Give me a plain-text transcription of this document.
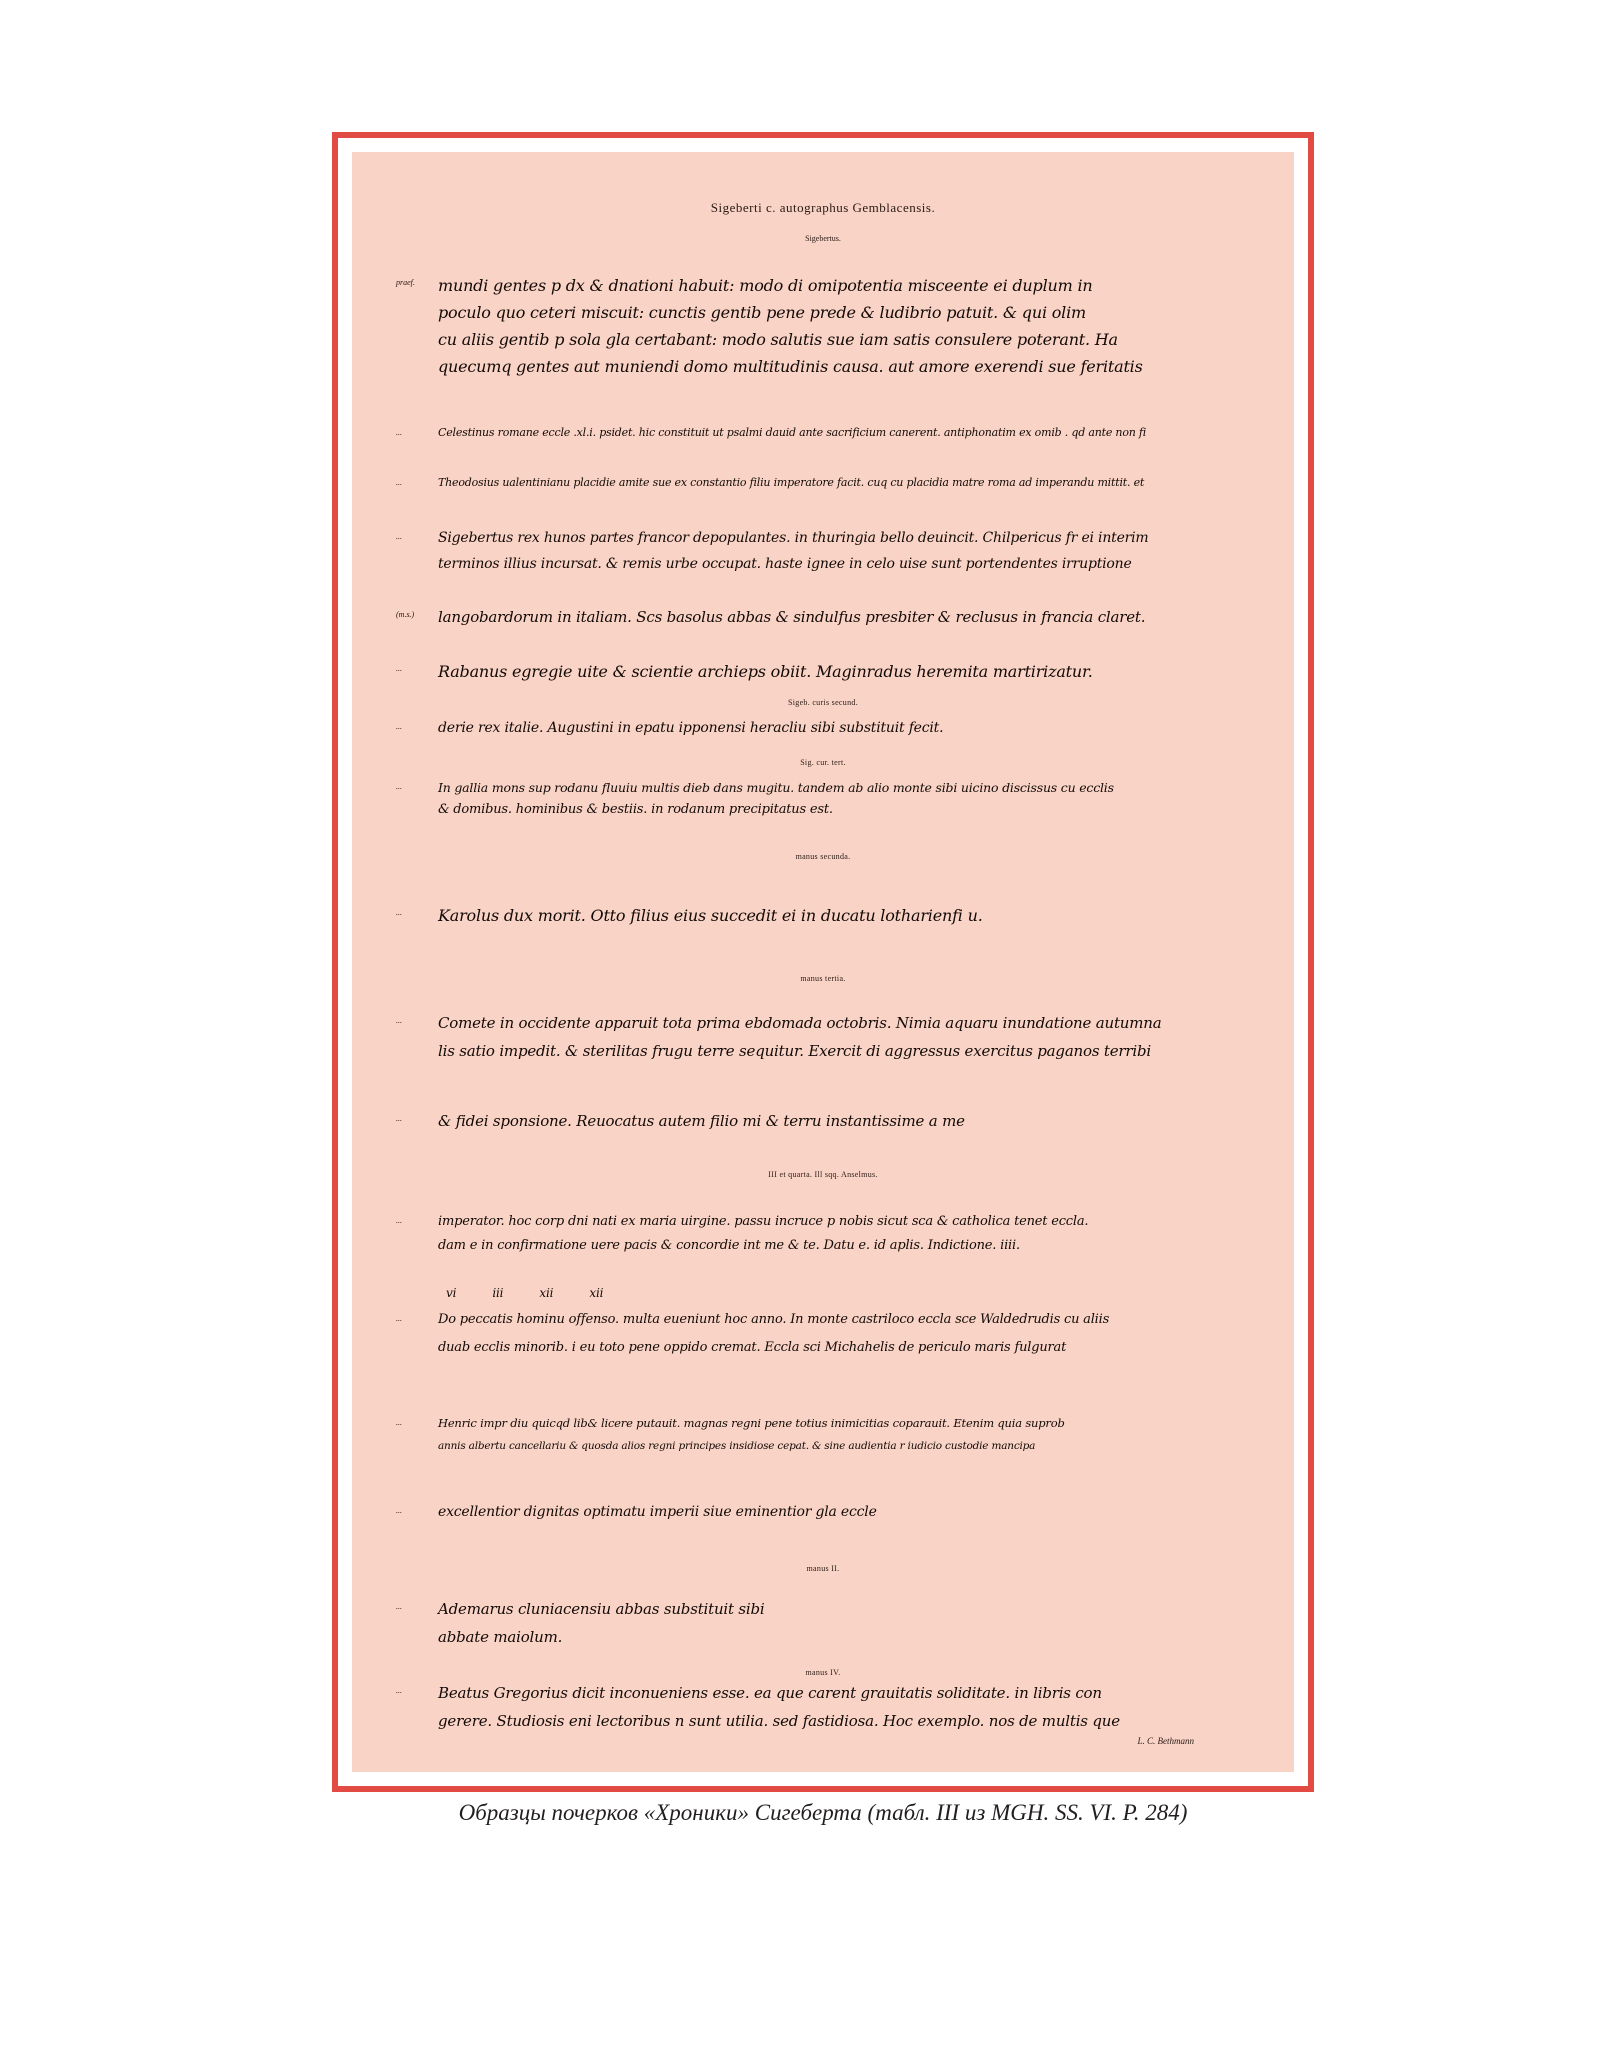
Sigeberti c. autographus Gemblacensis.
Sigebertus.
praef.	mundi gentes p dx & dnationi habuit: modo di omipotentia misceente ei duplum in
poculo quo ceteri miscuit: cunctis gentib pene prede & ludibrio patuit. & qui olim
cu aliis gentib p sola gla certabant: modo salutis sue iam satis consulere poterant. Ha
quecumq gentes aut muniendi domo multitudinis causa. aut amore exerendi sue feritatis
...	Celestinus romane eccle .xl.i. psidet. hic constituit ut psalmi dauid ante sacrificium canerent. antiphonatim ex omib . qd ante non fi
...	Theodosius ualentinianu placidie amite sue ex constantio filiu imperatore facit. cuq cu placidia matre roma ad imperandu mittit. et
...	Sigebertus rex hunos partes francor depopulantes. in thuringia bello deuincit. Chilpericus fr ei interim
terminos illius incursat. & remis urbe occupat. haste ignee in celo uise sunt portendentes irruptione
(m.s.)	langobardorum in italiam. Scs basolus abbas & sindulfus presbiter & reclusus in francia claret.
...	Rabanus egregie uite & scientie archieps obiit. Maginradus heremita martirizatur.
Sigeb. curis secund.
...	derie rex italie. Augustini in epatu ipponensi heracliu sibi substituit fecit.
Sig. cur. tert.
...	In gallia mons sup rodanu fluuiu multis dieb dans mugitu. tandem ab alio monte sibi uicino discissus cu ecclis
& domibus. hominibus & bestiis. in rodanum precipitatus est.
manus secunda.
...	Karolus dux morit. Otto filius eius succedit ei in ducatu lotharienfi u.
manus tertia.
...	Comete in occidente apparuit tota prima ebdomada octobris. Nimia aquaru inundatione autumna
lis satio impedit. & sterilitas frugu terre sequitur. Exercit di aggressus exercitus paganos terribi
...	& fidei sponsione. Reuocatus autem filio mi & terru instantissime a me
III et quarta. Ill sqq. Anselmus.
...	imperator. hoc corp dni nati ex maria uirgine. passu incruce p nobis sicut sca & catholica tenet eccla.
dam e in confirmatione uere pacis & concordie int me & te. Datu e. id aplis. Indictione. iiii.
vi          iii          xii          xii
...	Do peccatis hominu offenso. multa eueniunt hoc anno. In monte castriloco eccla sce Waldedrudis cu aliis
duab ecclis minorib. i eu toto pene oppido cremat. Eccla sci Michahelis de periculo maris fulgurat
...	Henric impr diu quicqd lib& licere putauit. magnas regni pene totius inimicitias coparauit. Etenim quia suprob
annis albertu cancellariu & quosda alios regni principes insidiose cepat. & sine audientia r iudicio custodie mancipa
...	excellentior dignitas optimatu imperii siue eminentior gla eccle
manus II.
...	Ademarus cluniacensiu abbas substituit sibi
abbate maiolum.
manus IV.
...	Beatus Gregorius dicit inconueniens esse. ea que carent grauitatis soliditate. in libris con
gerere. Studiosis eni lectoribus n sunt utilia. sed fastidiosa. Hoc exemplo. nos de multis que
L. C. Bethmann
Образцы почерков «Хроники» Сигеберта (табл. III из MGH. SS. VI. P. 284)
